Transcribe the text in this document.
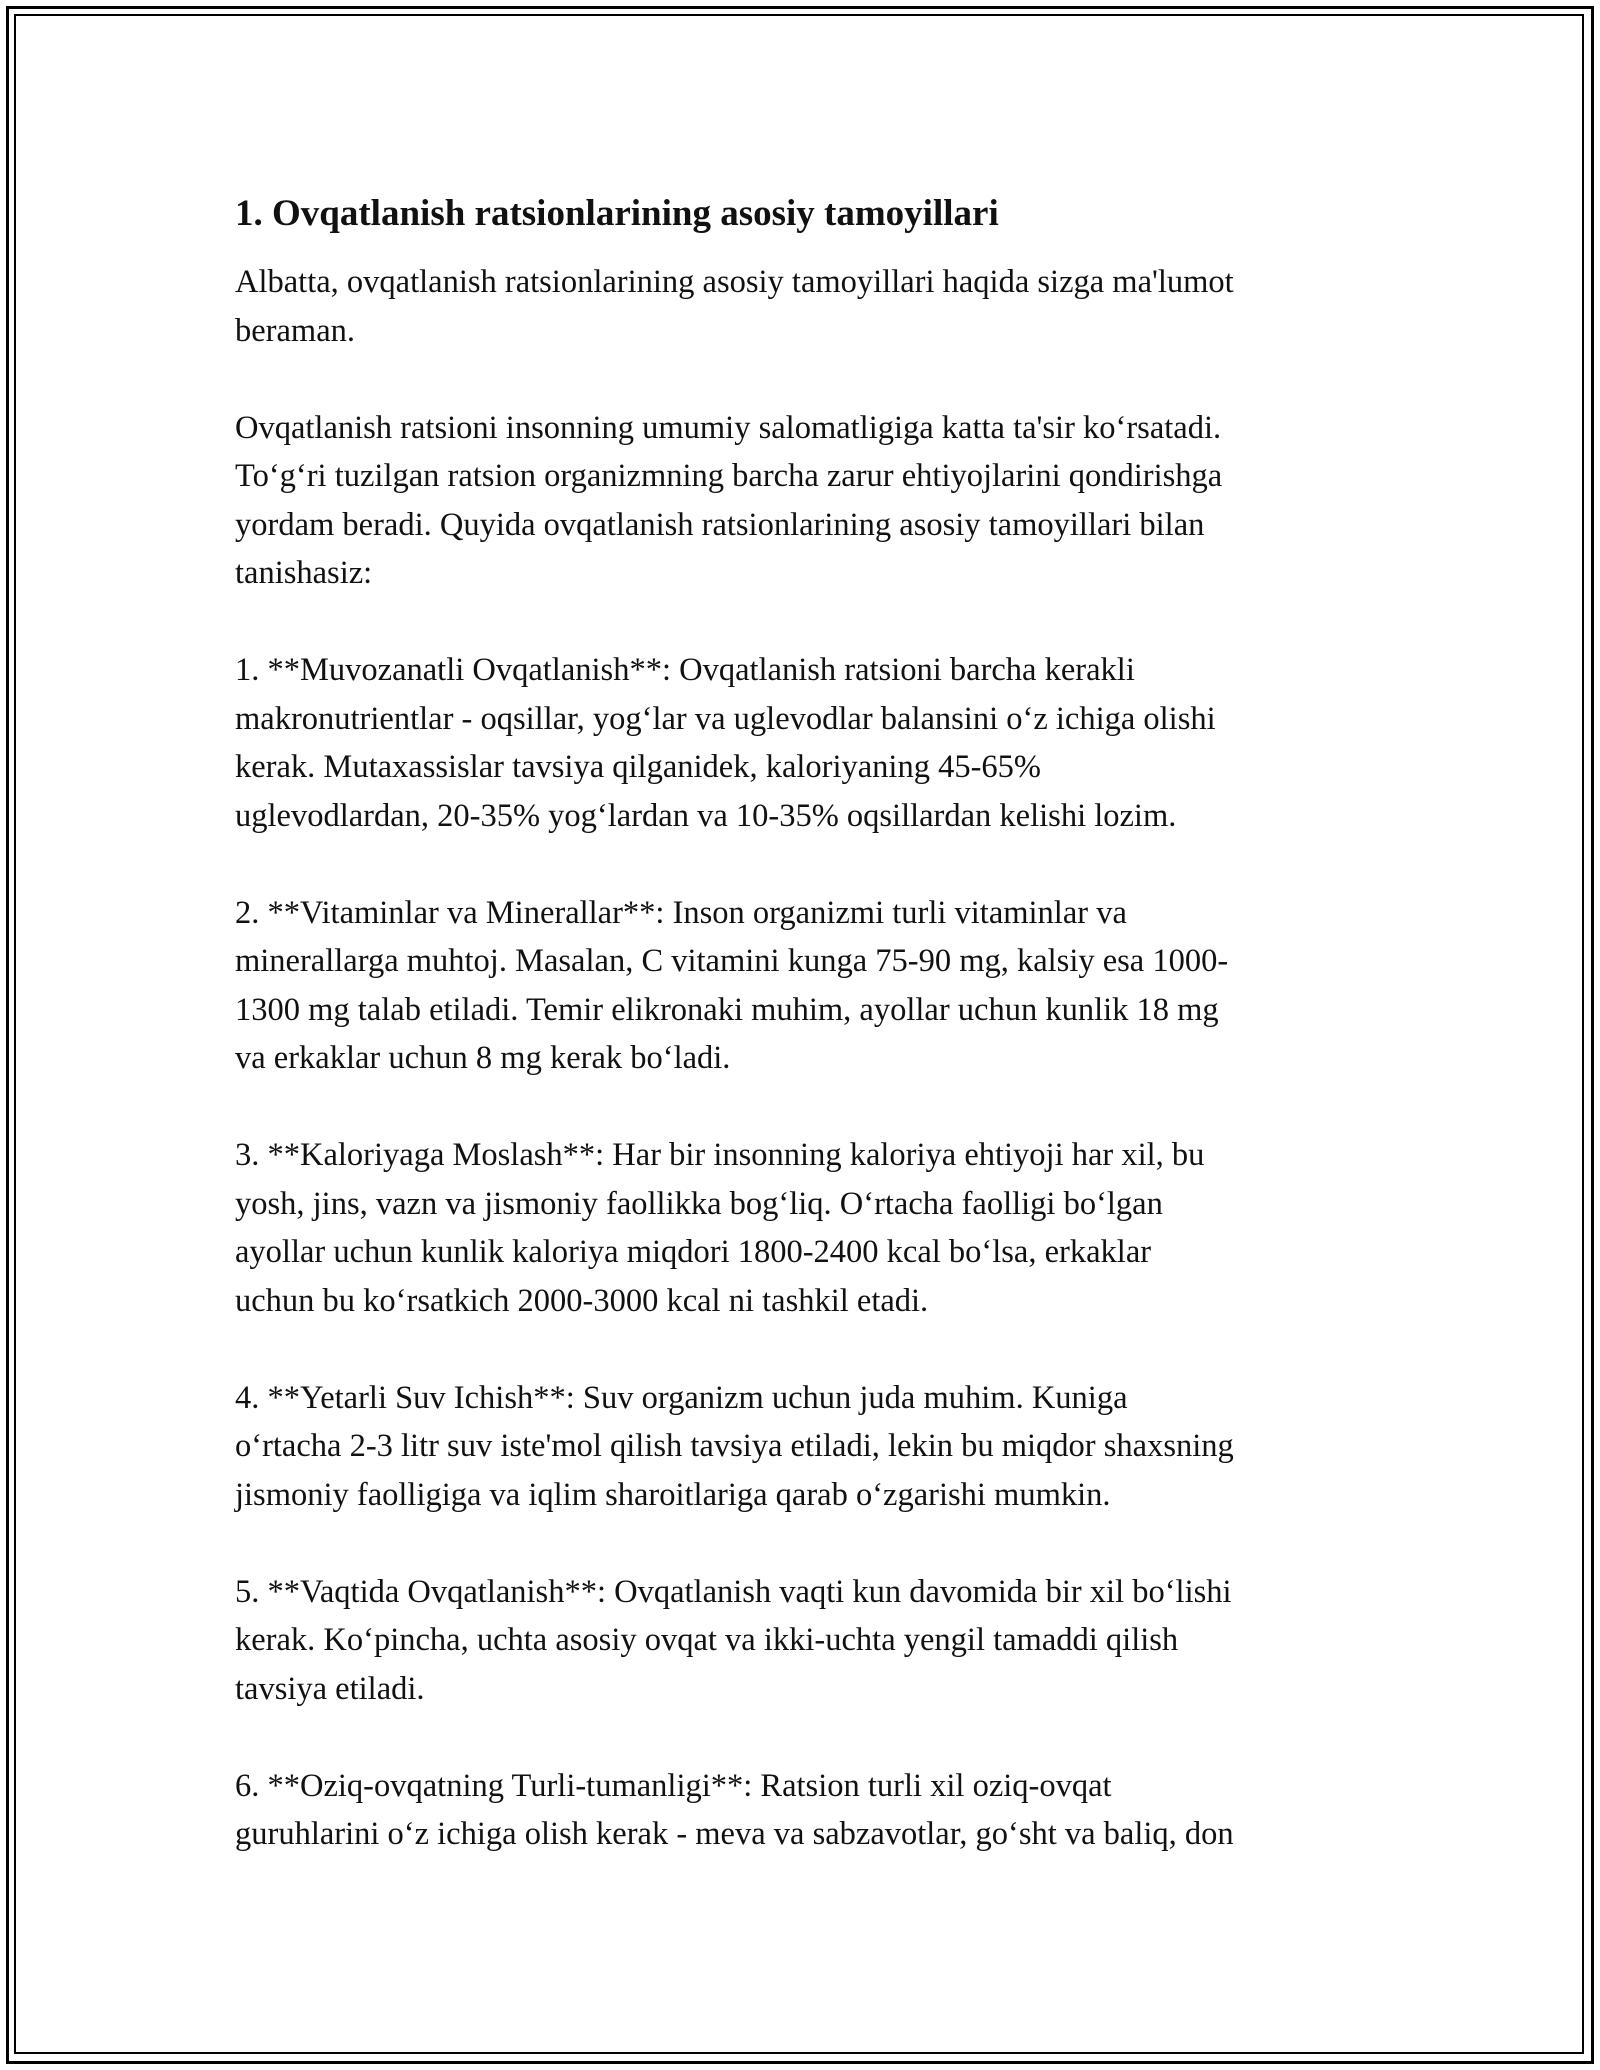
1. Ovqatlanish ratsionlarining asosiy tamoyillari

Albatta, ovqatlanish ratsionlarining asosiy tamoyillari haqida sizga ma'lumot
beraman.

Ovqatlanish ratsioni insonning umumiy salomatligiga katta ta'sir ko‘rsatadi.
To‘g‘ri tuzilgan ratsion organizmning barcha zarur ehtiyojlarini qondirishga
yordam beradi. Quyida ovqatlanish ratsionlarining asosiy tamoyillari bilan
tanishasiz:

1. **Muvozanatli Ovqatlanish**: Ovqatlanish ratsioni barcha kerakli
makronutrientlar - oqsillar, yog‘lar va uglevodlar balansini o‘z ichiga olishi
kerak. Mutaxassislar tavsiya qilganidek, kaloriyaning 45-65%
uglevodlardan, 20-35% yog‘lardan va 10-35% oqsillardan kelishi lozim.

2. **Vitaminlar va Minerallar**: Inson organizmi turli vitaminlar va
minerallarga muhtoj. Masalan, C vitamini kunga 75-90 mg, kalsiy esa 1000-
1300 mg talab etiladi. Temir elikronaki muhim, ayollar uchun kunlik 18 mg
va erkaklar uchun 8 mg kerak bo‘ladi.

3. **Kaloriyaga Moslash**: Har bir insonning kaloriya ehtiyoji har xil, bu
yosh, jins, vazn va jismoniy faollikka bog‘liq. O‘rtacha faolligi bo‘lgan
ayollar uchun kunlik kaloriya miqdori 1800-2400 kcal bo‘lsa, erkaklar
uchun bu ko‘rsatkich 2000-3000 kcal ni tashkil etadi.

4. **Yetarli Suv Ichish**: Suv organizm uchun juda muhim. Kuniga
o‘rtacha 2-3 litr suv iste'mol qilish tavsiya etiladi, lekin bu miqdor shaxsning
jismoniy faolligiga va iqlim sharoitlariga qarab o‘zgarishi mumkin.

5. **Vaqtida Ovqatlanish**: Ovqatlanish vaqti kun davomida bir xil bo‘lishi
kerak. Ko‘pincha, uchta asosiy ovqat va ikki-uchta yengil tamaddi qilish
tavsiya etiladi.

6. **Oziq-ovqatning Turli-tumanligi**: Ratsion turli xil oziq-ovqat
guruhlarini o‘z ichiga olish kerak - meva va sabzavotlar, go‘sht va baliq, don
